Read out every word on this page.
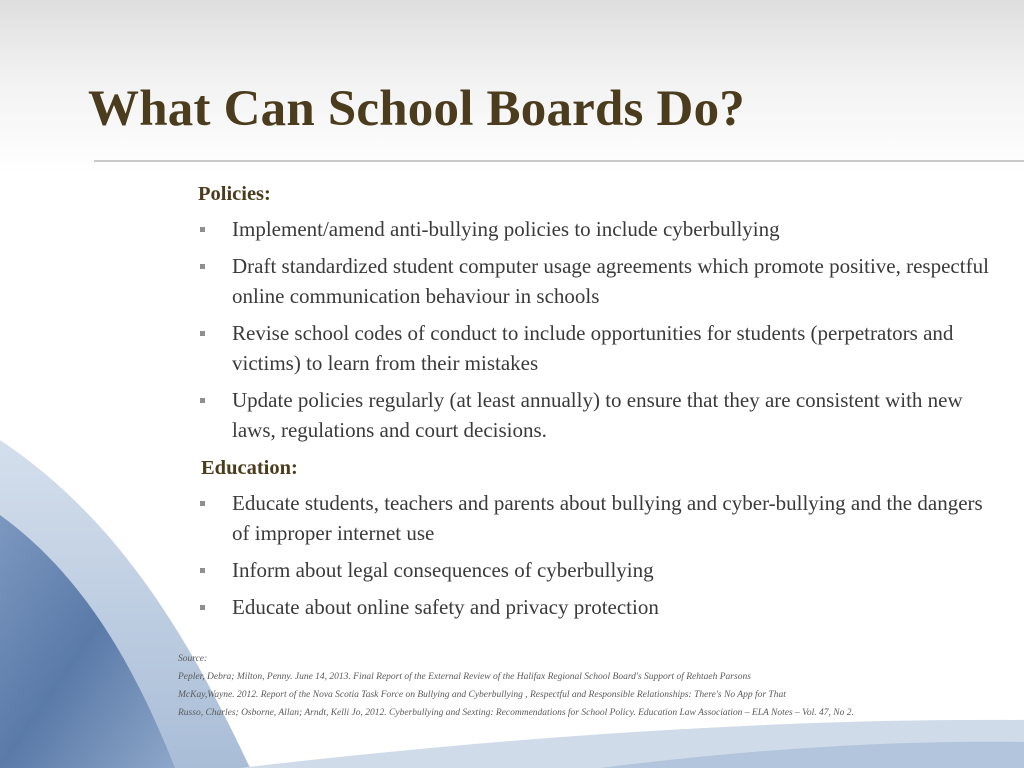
What Can School Boards Do?

Policies:

Implement/amend anti-bullying policies to include cyberbullying
Draft standardized student computer usage agreements which promote positive, respectful online communication behaviour in schools
Revise school codes of conduct to include opportunities for students (perpetrators and victims) to learn from their mistakes
Update policies regularly (at least annually) to ensure that they are consistent with new laws, regulations and court decisions.

Education:

Educate students, teachers and parents about bullying and cyber-bullying and the dangers of improper internet use
Inform about legal consequences of cyberbullying
Educate about online safety and privacy protection
Source:
Pepler, Debra; Milton, Penny. June 14, 2013. Final Report of the External Review of the Halifax Regional School Board's Support of Rehtaeh Parsons
McKay,Wayne. 2012. Report of the Nova Scotia Task Force on Bullying and Cyberbullying , Respectful and Responsible Relationships: There's No App for That
Russo, Charles; Osborne, Allan; Arndt, Kelli Jo, 2012. Cyberbullying and Sexting: Recommendations for School Policy. Education Law Association – ELA Notes – Vol. 47, No 2.
